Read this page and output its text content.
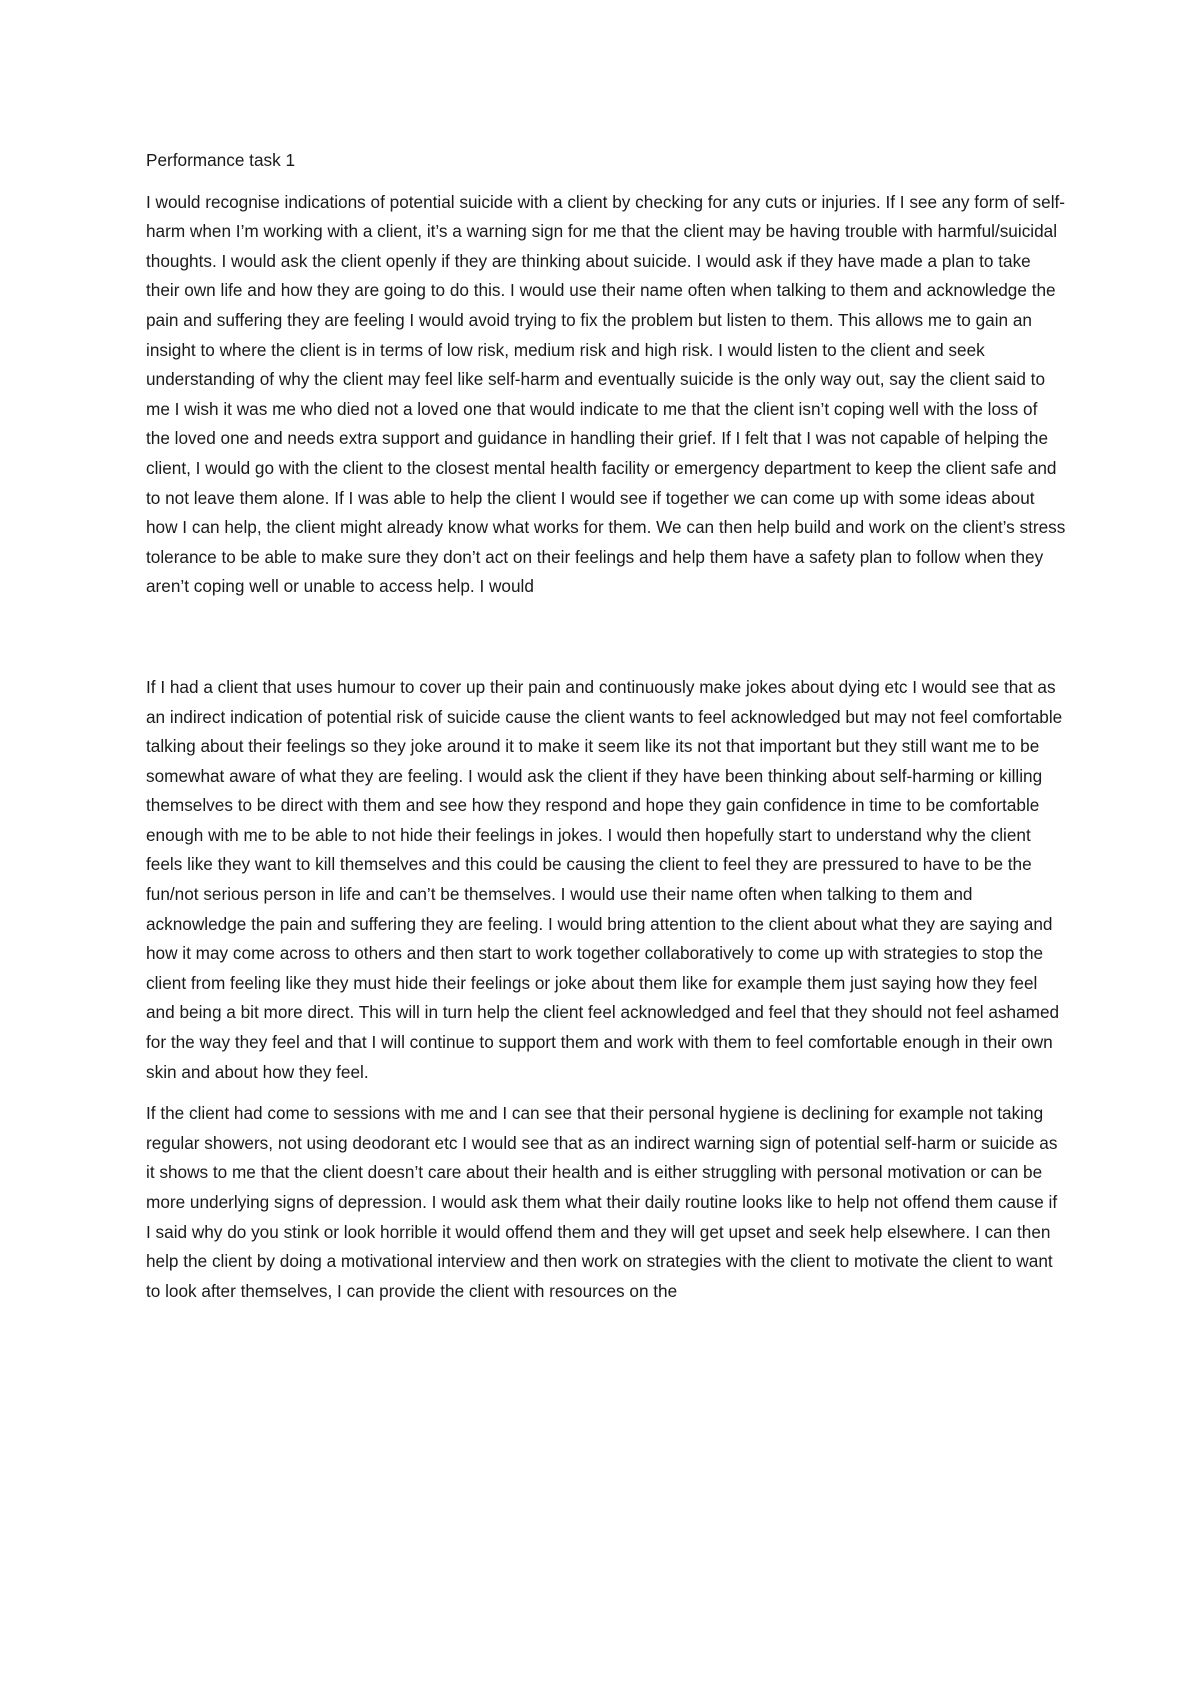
Performance task 1

I would recognise indications of potential suicide with a client by checking for any cuts or injuries. If I see any form of self-harm when I’m working with a client, it’s a warning sign for me that the client may be having trouble with harmful/suicidal thoughts. I would ask the client openly if they are thinking about suicide. I would ask if they have made a plan to take their own life and how they are going to do this. I would use their name often when talking to them and acknowledge the pain and suffering they are feeling I would avoid trying to fix the problem but listen to them. This allows me to gain an insight to where the client is in terms of low risk, medium risk and high risk. I would listen to the client and seek understanding of why the client may feel like self-harm and eventually suicide is the only way out, say the client said to me I wish it was me who died not a loved one that would indicate to me that the client isn’t coping well with the loss of the loved one and needs extra support and guidance in handling their grief. If I felt that I was not capable of helping the client, I would go with the client to the closest mental health facility or emergency department to keep the client safe and to not leave them alone. If I was able to help the client I would see if together we can come up with some ideas about how I can help, the client might already know what works for them. We can then help build and work on the client’s stress tolerance to be able to make sure they don’t act on their feelings and help them have a safety plan to follow when they aren’t coping well or unable to access help. I would

If I had a client that uses humour to cover up their pain and continuously make jokes about dying etc I would see that as an indirect indication of potential risk of suicide cause the client wants to feel acknowledged but may not feel comfortable talking about their feelings so they joke around it to make it seem like its not that important but they still want me to be somewhat aware of what they are feeling. I would ask the client if they have been thinking about self-harming or killing themselves to be direct with them and see how they respond and hope they gain confidence in time to be comfortable enough with me to be able to not hide their feelings in jokes. I would then hopefully start to understand why the client feels like they want to kill themselves and this could be causing the client to feel they are pressured to have to be the fun/not serious person in life and can’t be themselves. I would use their name often when talking to them and acknowledge the pain and suffering they are feeling. I would bring attention to the client about what they are saying and how it may come across to others and then start to work together collaboratively to come up with strategies to stop the client from feeling like they must hide their feelings or joke about them like for example them just saying how they feel and being a bit more direct. This will in turn help the client feel acknowledged and feel that they should not feel ashamed for the way they feel and that I will continue to support them and work with them to feel comfortable enough in their own skin and about how they feel.

If the client had come to sessions with me and I can see that their personal hygiene is declining for example not taking regular showers, not using deodorant etc I would see that as an indirect warning sign of potential self-harm or suicide as it shows to me that the client doesn’t care about their health and is either struggling with personal motivation or can be more underlying signs of depression. I would ask them what their daily routine looks like to help not offend them cause if I said why do you stink or look horrible it would offend them and they will get upset and seek help elsewhere. I can then help the client by doing a motivational interview and then work on strategies with the client to motivate the client to want to look after themselves, I can provide the client with resources on the
